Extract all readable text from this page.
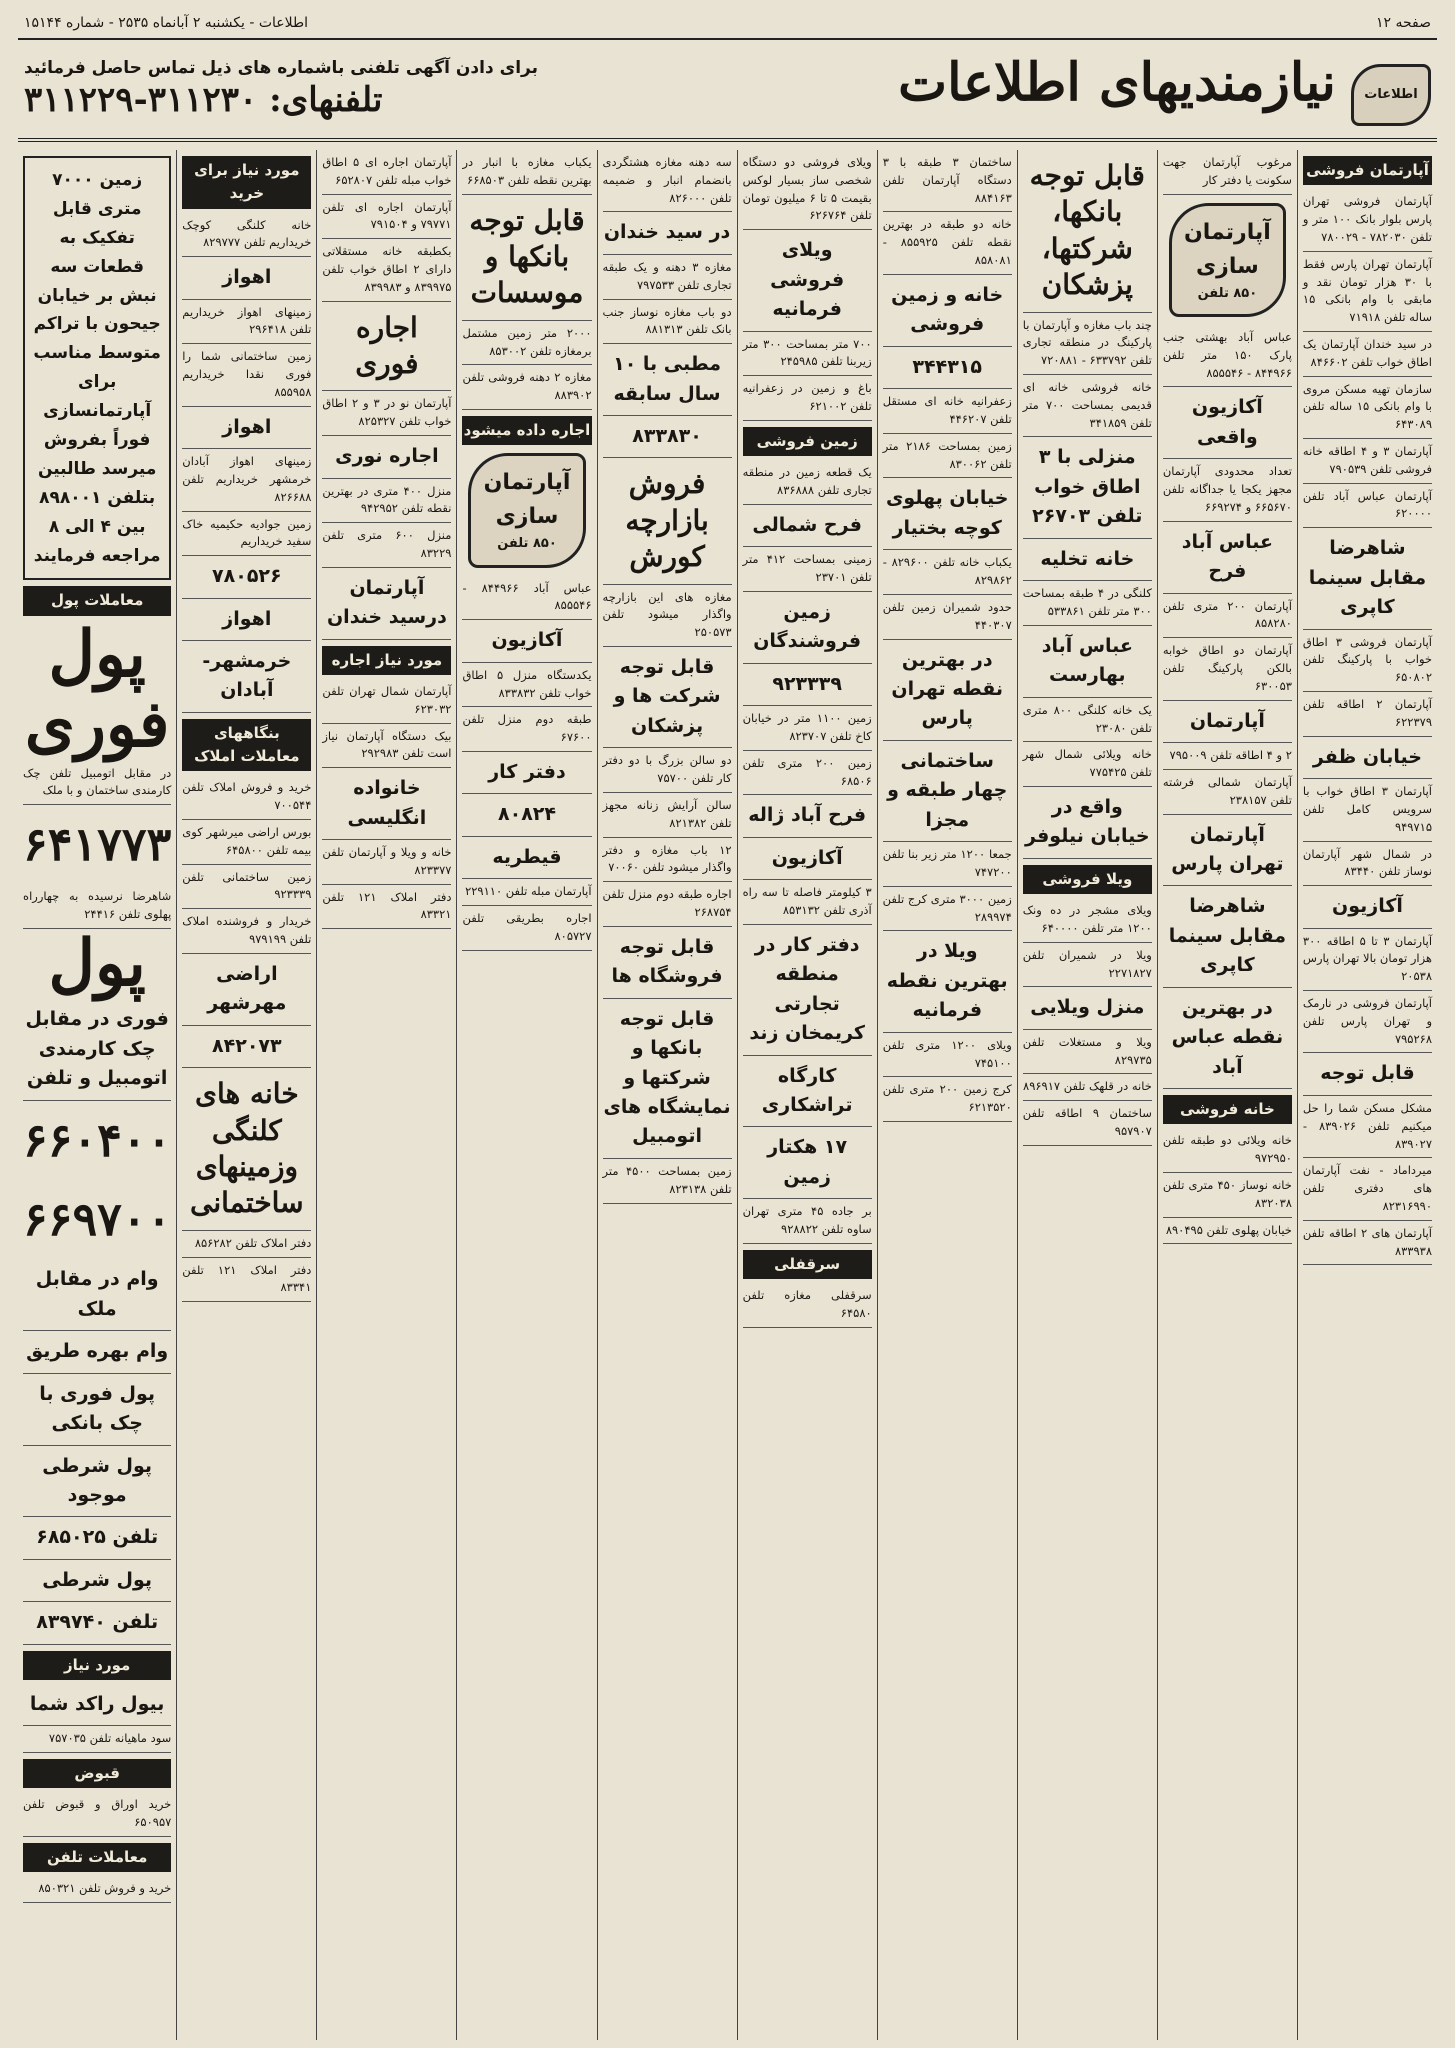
صفحه ۱۲
اطلاعات - یکشنبه ۲ آبانماه ۲۵۳۵ - شماره ۱۵۱۴۴
اطلاعات نیازمندیهای اطلاعات
برای دادن آگهی تلفنی باشماره های ذیل تماس حاصل فرمائید
تلفنهای: ۳۱۱۲۳۰-۳۱۱۲۲۹
آپارتمان فروشی
آپارتمان فروشی تهران پارس بلوار بانک ۱۰۰ متر و تلفن ۷۸۲۰۳۰ - ۷۸۰۰۲۹
آپارتمان تهران پارس فقط با ۳۰ هزار تومان نقد و مابقی با وام بانکی ۱۵ ساله تلفن ۷۱۹۱۸
در سید خندان آپارتمان یک اطاق خواب تلفن ۸۴۶۶۰۲
سازمان تهیه مسکن مروی با وام بانکی ۱۵ ساله تلفن ۶۴۳۰۸۹
آپارتمان ۳ و ۴ اطاقه خانه فروشی تلفن ۷۹۰۵۳۹
آپارتمان عباس آباد تلفن ۶۲۰۰۰۰
شاهرضا مقابل سینما کاپری
آپارتمان فروشی ۳ اطاق خواب با پارکینگ تلفن ۶۵۰۸۰۲
آپارتمان ۲ اطاقه تلفن ۶۲۲۳۷۹
خیابان ظفر
آپارتمان ۳ اطاق خواب با سرویس کامل تلفن ۹۴۹۷۱۵
در شمال شهر آپارتمان نوساز تلفن ۸۳۴۴۰
آکازیون
آپارتمان ۳ تا ۵ اطاقه ۳۰۰ هزار تومان بالا تهران پارس ۲۰۵۳۸
آپارتمان فروشی در نارمک و تهران پارس تلفن ۷۹۵۲۶۸
قابل توجه
مشکل مسکن شما را حل میکنیم تلفن ۸۳۹۰۲۶ - ۸۳۹۰۲۷
میرداماد - نفت آپارتمان های دفتری تلفن ۸۲۳۱۶۹۹۰
آپارتمان های ۲ اطاقه تلفن ۸۳۳۹۳۸
مرغوب آپارتمان جهت سکونت یا دفتر کار
آپارتمان سازی
۸۵۰ تلفن
عباس آباد بهشتی جنب پارک ۱۵۰ متر تلفن ۸۴۴۹۶۶ - ۸۵۵۵۴۶
آکازیون واقعی
تعداد محدودی آپارتمان مجهز یکجا یا جداگانه تلفن ۶۶۵۶۷۰ و ۶۶۹۲۷۴
عباس آباد فرح
آپارتمان ۲۰۰ متری تلفن ۸۵۸۲۸۰
آپارتمان دو اطاق خوابه بالکن پارکینگ تلفن ۶۳۰۰۵۳
آپارتمان
۲ و ۴ اطاقه تلفن ۷۹۵۰۰۹
آپارتمان شمالی فرشته تلفن ۲۳۸۱۵۷
آپارتمان تهران پارس
شاهرضا مقابل سینما کاپری
در بهترین نقطه عباس آباد
خانه فروشی
خانه ویلائی دو طبقه تلفن ۹۷۲۹۵۰
خانه نوساز ۴۵۰ متری تلفن ۸۳۲۰۳۸
خیابان پهلوی تلفن ۸۹۰۴۹۵
قابل توجه بانکها، شرکتها، پزشکان
چند باب مغازه و آپارتمان با پارکینگ در منطقه تجاری تلفن ۶۳۳۷۹۲ - ۷۲۰۸۸۱
خانه فروشی خانه ای قدیمی بمساحت ۷۰۰ متر تلفن ۳۴۱۸۵۹
منزلی با ۳ اطاق خواب تلفن ۲۶۷۰۳
خانه تخلیه
کلنگی در ۴ طبقه بمساحت ۳۰۰ متر تلفن ۵۳۳۸۶۱
عباس آباد بهارست
یک خانه کلنگی ۸۰۰ متری تلفن ۲۳۰۸۰
خانه ویلائی شمال شهر تلفن ۷۷۵۴۲۵
واقع در خیابان نیلوفر
ویلا فروشی
ویلای مشجر در ده ونک ۱۲۰۰ متر تلفن ۶۴۰۰۰۰
ویلا در شمیران تلفن ۲۲۷۱۸۲۷
منزل ویلایی
ویلا و مستغلات تلفن ۸۲۹۷۳۵
خانه در قلهک تلفن ۸۹۶۹۱۷
ساختمان ۹ اطاقه تلفن ۹۵۷۹۰۷
ساختمان ۳ طبقه با ۳ دستگاه آپارتمان تلفن ۸۸۴۱۶۳
خانه دو طبقه در بهترین نقطه تلفن ۸۵۵۹۲۵ - ۸۵۸۰۸۱
خانه و زمین فروشی
۳۴۴۳۱۵
زعفرانیه خانه ای مستقل تلفن ۴۴۶۲۰۷
زمین بمساحت ۲۱۸۶ متر تلفن ۸۳۰۰۶۲
خیابان پهلوی کوچه بختیار
یکباب خانه تلفن ۸۲۹۶۰۰ - ۸۲۹۸۶۲
حدود شمیران زمین تلفن ۴۴۰۳۰۷
در بهترین نقطه تهران پارس
ساختمانی چهار طبقه و مجزا
جمعا ۱۲۰۰ متر زیر بنا تلفن ۷۴۷۲۰۰
زمین ۳۰۰۰ متری کرج تلفن ۲۸۹۹۷۴
ویلا در بهترین نقطه فرمانیه
ویلای ۱۲۰۰ متری تلفن ۷۴۵۱۰۰
کرج زمین ۲۰۰ متری تلفن ۶۲۱۳۵۲۰
ویلای فروشی دو دستگاه شخصی ساز بسیار لوکس بقیمت ۵ تا ۶ میلیون تومان تلفن ۶۲۶۷۶۴
ویلای فروشی فرمانیه
۷۰۰ متر بمساحت ۳۰۰ متر زیربنا تلفن ۲۴۵۹۸۵
باغ و زمین در زعفرانیه تلفن ۶۲۱۰۰۲
زمین فروشی
یک قطعه زمین در منطقه تجاری تلفن ۸۳۶۸۸۸
فرح شمالی
زمینی بمساحت ۴۱۲ متر تلفن ۲۳۷۰۱
زمین فروشندگان
۹۲۳۳۳۹
زمین ۱۱۰۰ متر در خیابان کاخ تلفن ۸۲۳۷۰۷
زمین ۲۰۰ متری تلفن ۶۸۵۰۶
فرح آباد ژاله
آکازیون
۳ کیلومتر فاصله تا سه راه آذری تلفن ۸۵۳۱۳۲
دفتر کار در منطقه تجارتی کریمخان زند
کارگاه تراشکاری
۱۷ هکتار زمین
بر جاده ۴۵ متری تهران ساوه تلفن ۹۲۸۸۲۲
سرقفلی
سرقفلی مغازه تلفن ۶۴۵۸۰
سه دهنه مغازه هشتگردی بانضمام انبار و ضمیمه تلفن ۸۲۶۰۰۰
در سید خندان
مغازه ۳ دهنه و یک طبقه تجاری تلفن ۷۹۷۵۳۳
دو باب مغازه نوساز جنب بانک تلفن ۸۸۱۳۱۳
مطبی با ۱۰ سال سابقه
۸۳۳۸۳۰
فروش بازارچه کورش
مغازه های این بازارچه واگذار میشود تلفن ۲۵۰۵۷۳
قابل توجه شرکت ها و پزشکان
دو سالن بزرگ با دو دفتر کار تلفن ۷۵۷۰۰
سالن آرایش زنانه مجهز تلفن ۸۲۱۳۸۲
۱۲ باب مغازه و دفتر واگذار میشود تلفن ۷۰۰۶۰
اجاره طبقه دوم منزل تلفن ۲۶۸۷۵۴
قابل توجه فروشگاه ها
قابل توجه بانکها و شرکتها و نمایشگاه های اتومبیل
زمین بمساحت ۴۵۰۰ متر تلفن ۸۲۳۱۳۸
یکباب مغازه با انبار در بهترین نقطه تلفن ۶۶۸۵۰۳
قابل توجه بانکها و موسسات
۲۰۰۰ متر زمین مشتمل برمغازه تلفن ۸۵۳۰۰۲
مغازه ۲ دهنه فروشی تلفن ۸۸۳۹۰۲
اجاره داده میشود
آپارتمان سازی
۸۵۰ تلفن
عباس آباد ۸۴۴۹۶۶ - ۸۵۵۵۴۶
آکازیون
یکدستگاه منزل ۵ اطاق خواب تلفن ۸۳۳۸۳۲
طبقه دوم منزل تلفن ۶۷۶۰۰
دفتر کار
۸۰۸۲۴
قیطریه
آپارتمان مبله تلفن ۲۲۹۱۱۰
اجاره بطریقی تلفن ۸۰۵۷۲۷
آپارتمان اجاره ای ۵ اطاق خواب مبله تلفن ۶۵۲۸۰۷
آپارتمان اجاره ای تلفن ۷۹۷۷۱ و ۷۹۱۵۰۴
بکطبقه خانه مستقلاتی دارای ۲ اطاق خواب تلفن ۸۳۹۹۷۵ و ۸۳۹۹۸۳
اجاره فوری
آپارتمان نو در ۳ و ۲ اطاق خواب تلفن ۸۲۵۳۲۷
اجاره نوری
منزل ۴۰۰ متری در بهترین نقطه تلفن ۹۴۲۹۵۲
منزل ۶۰۰ متری تلفن ۸۳۲۲۹
آپارتمان درسید خندان
مورد نیاز اجاره
آپارتمان شمال تهران تلفن ۶۲۳۰۳۲
بیک دستگاه آپارتمان نیاز است تلفن ۲۹۲۹۸۳
خانواده انگلیسی
خانه و ویلا و آپارتمان تلفن ۸۲۳۳۷۷
دفتر املاک ۱۲۱ تلفن ۸۳۳۲۱
مورد نیاز برای خرید
خانه کلنگی کوچک خریداریم تلفن ۸۲۹۷۷۷
اهواز
زمینهای اهواز خریداریم تلفن ۲۹۶۴۱۸
زمین ساختمانی شما را فوری نقدا خریداریم ۸۵۵۹۵۸
اهواز
زمینهای اهواز آبادان خرمشهر خریداریم تلفن ۸۲۶۶۸۸
زمین جوادیه حکیمیه خاک سفید خریداریم
۷۸۰۵۲۶
اهواز
خرمشهر-آبادان
بنگاههای معاملات املاک
خرید و فروش املاک تلفن ۷۰۰۵۴۴
بورس اراضی میرشهر کوی بیمه تلفن ۶۴۵۸۰۰
زمین ساختمانی تلفن ۹۲۳۳۳۹
خریدار و فروشنده املاک تلفن ۹۷۹۱۹۹
اراضی مهرشهر
۸۴۲۰۷۳
خانه های کلنگی وزمینهای ساختمانی
دفتر املاک تلفن ۸۵۶۲۸۲
دفتر املاک ۱۲۱ تلفن ۸۳۳۴۱
زمین ۷۰۰۰ متری قابل تفکیک به قطعات سه نبش بر خیابان جیحون با تراکم متوسط مناسب برای آپارتمانسازی فوراً بفروش میرسد طالبین بتلفن ۸۹۸۰۰۱ بین ۴ الی ۸ مراجعه فرمایند
معاملات پول
پول فوری
در مقابل اتومبیل تلفن چک کارمندی ساختمان و با ملک
۶۴۱۷۷۳
شاهرضا نرسیده به چهارراه پهلوی تلفن ۲۴۴۱۶
پول
فوری در مقابل چک کارمندی اتومبیل و تلفن
۶۶۰۴۰۰
۶۶۹۷۰۰
وام در مقابل ملک
وام بهره طریق
پول فوری با چک بانکی
پول شرطی موجود
تلفن ۶۸۵۰۲۵
پول شرطی
تلفن ۸۳۹۷۴۰
مورد نیاز
بیول راکد شما
سود ماهیانه تلفن ۷۵۷۰۳۵
قبوض
خرید اوراق و قبوض تلفن ۶۵۰۹۵۷
معاملات تلفن
خرید و فروش تلفن ۸۵۰۳۲۱
